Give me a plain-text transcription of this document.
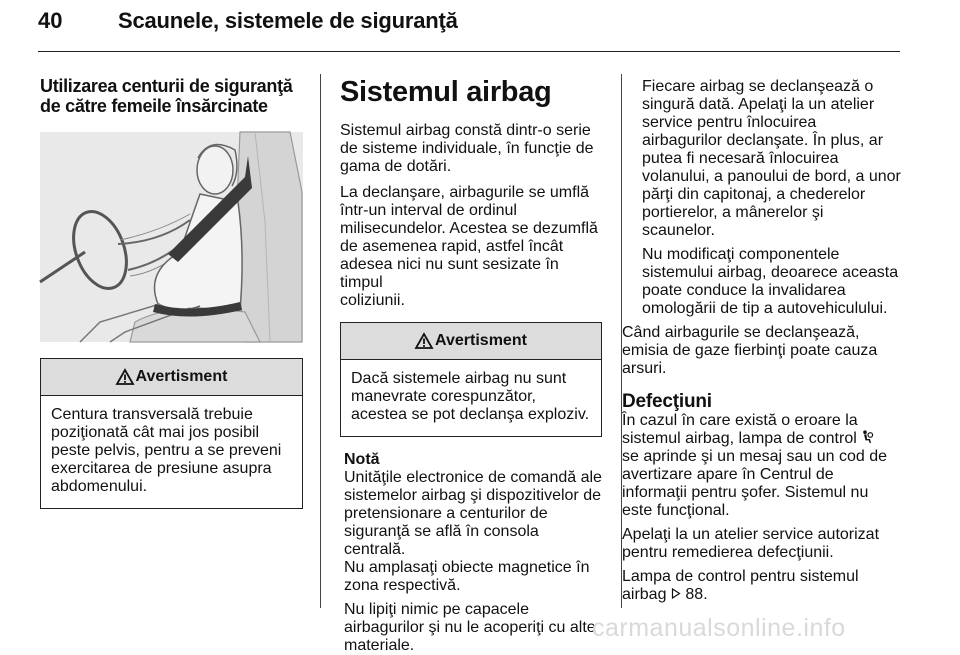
40	Scaunele, sistemele de siguranţă
Utilizarea centurii de siguranţă
de către femeile însărcinate
Avertisment
Centura transversală trebuie
poziţionată cât mai jos posibil
peste pelvis, pentru a se preveni
exercitarea de presiune asupra
abdomenului.
Sistemul airbag
Sistemul airbag constă dintr-o serie
de sisteme individuale, în funcţie de
gama de dotări.
La declanşare, airbagurile se umflă
într-un interval de ordinul
milisecundelor. Acestea se dezumflă
de asemenea rapid, astfel încât
adesea nici nu sunt sesizate în timpul
coliziunii.
Avertisment
Dacă sistemele airbag nu sunt
manevrate corespunzător,
acestea se pot declanşa exploziv.
Notă
Unităţile electronice de comandă ale
sistemelor airbag şi dispozitivelor de
pretensionare a centurilor de
siguranţă se află în consola centrală.
Nu amplasaţi obiecte magnetice în
zona respectivă.
Nu lipiţi nimic pe capacele
airbagurilor şi nu le acoperiţi cu alte
materiale.
Fiecare airbag se declanşează o
singură dată. Apelaţi la un atelier
service pentru înlocuirea
airbagurilor declanşate. În plus, ar
putea fi necesară înlocuirea
volanului, a panoului de bord, a unor
părţi din capitonaj, a chederelor
portierelor, a mânerelor şi
scaunelor.
Nu modificaţi componentele
sistemului airbag, deoarece aceasta
poate conduce la invalidarea
omologării de tip a autovehiculului.
Când airbagurile se declanşează,
emisia de gaze fierbinţi poate cauza
arsuri.
Defecţiuni
În cazul în care există o eroare la
sistemul airbag, lampa de control
se aprinde şi un mesaj sau un cod de
avertizare apare în Centrul de
informaţii pentru şofer. Sistemul nu
este funcţional.
Apelaţi la un atelier service autorizat
pentru remedierea defecţiunii.
Lampa de control pentru sistemul
airbag 88.
carmanualsonline.info
